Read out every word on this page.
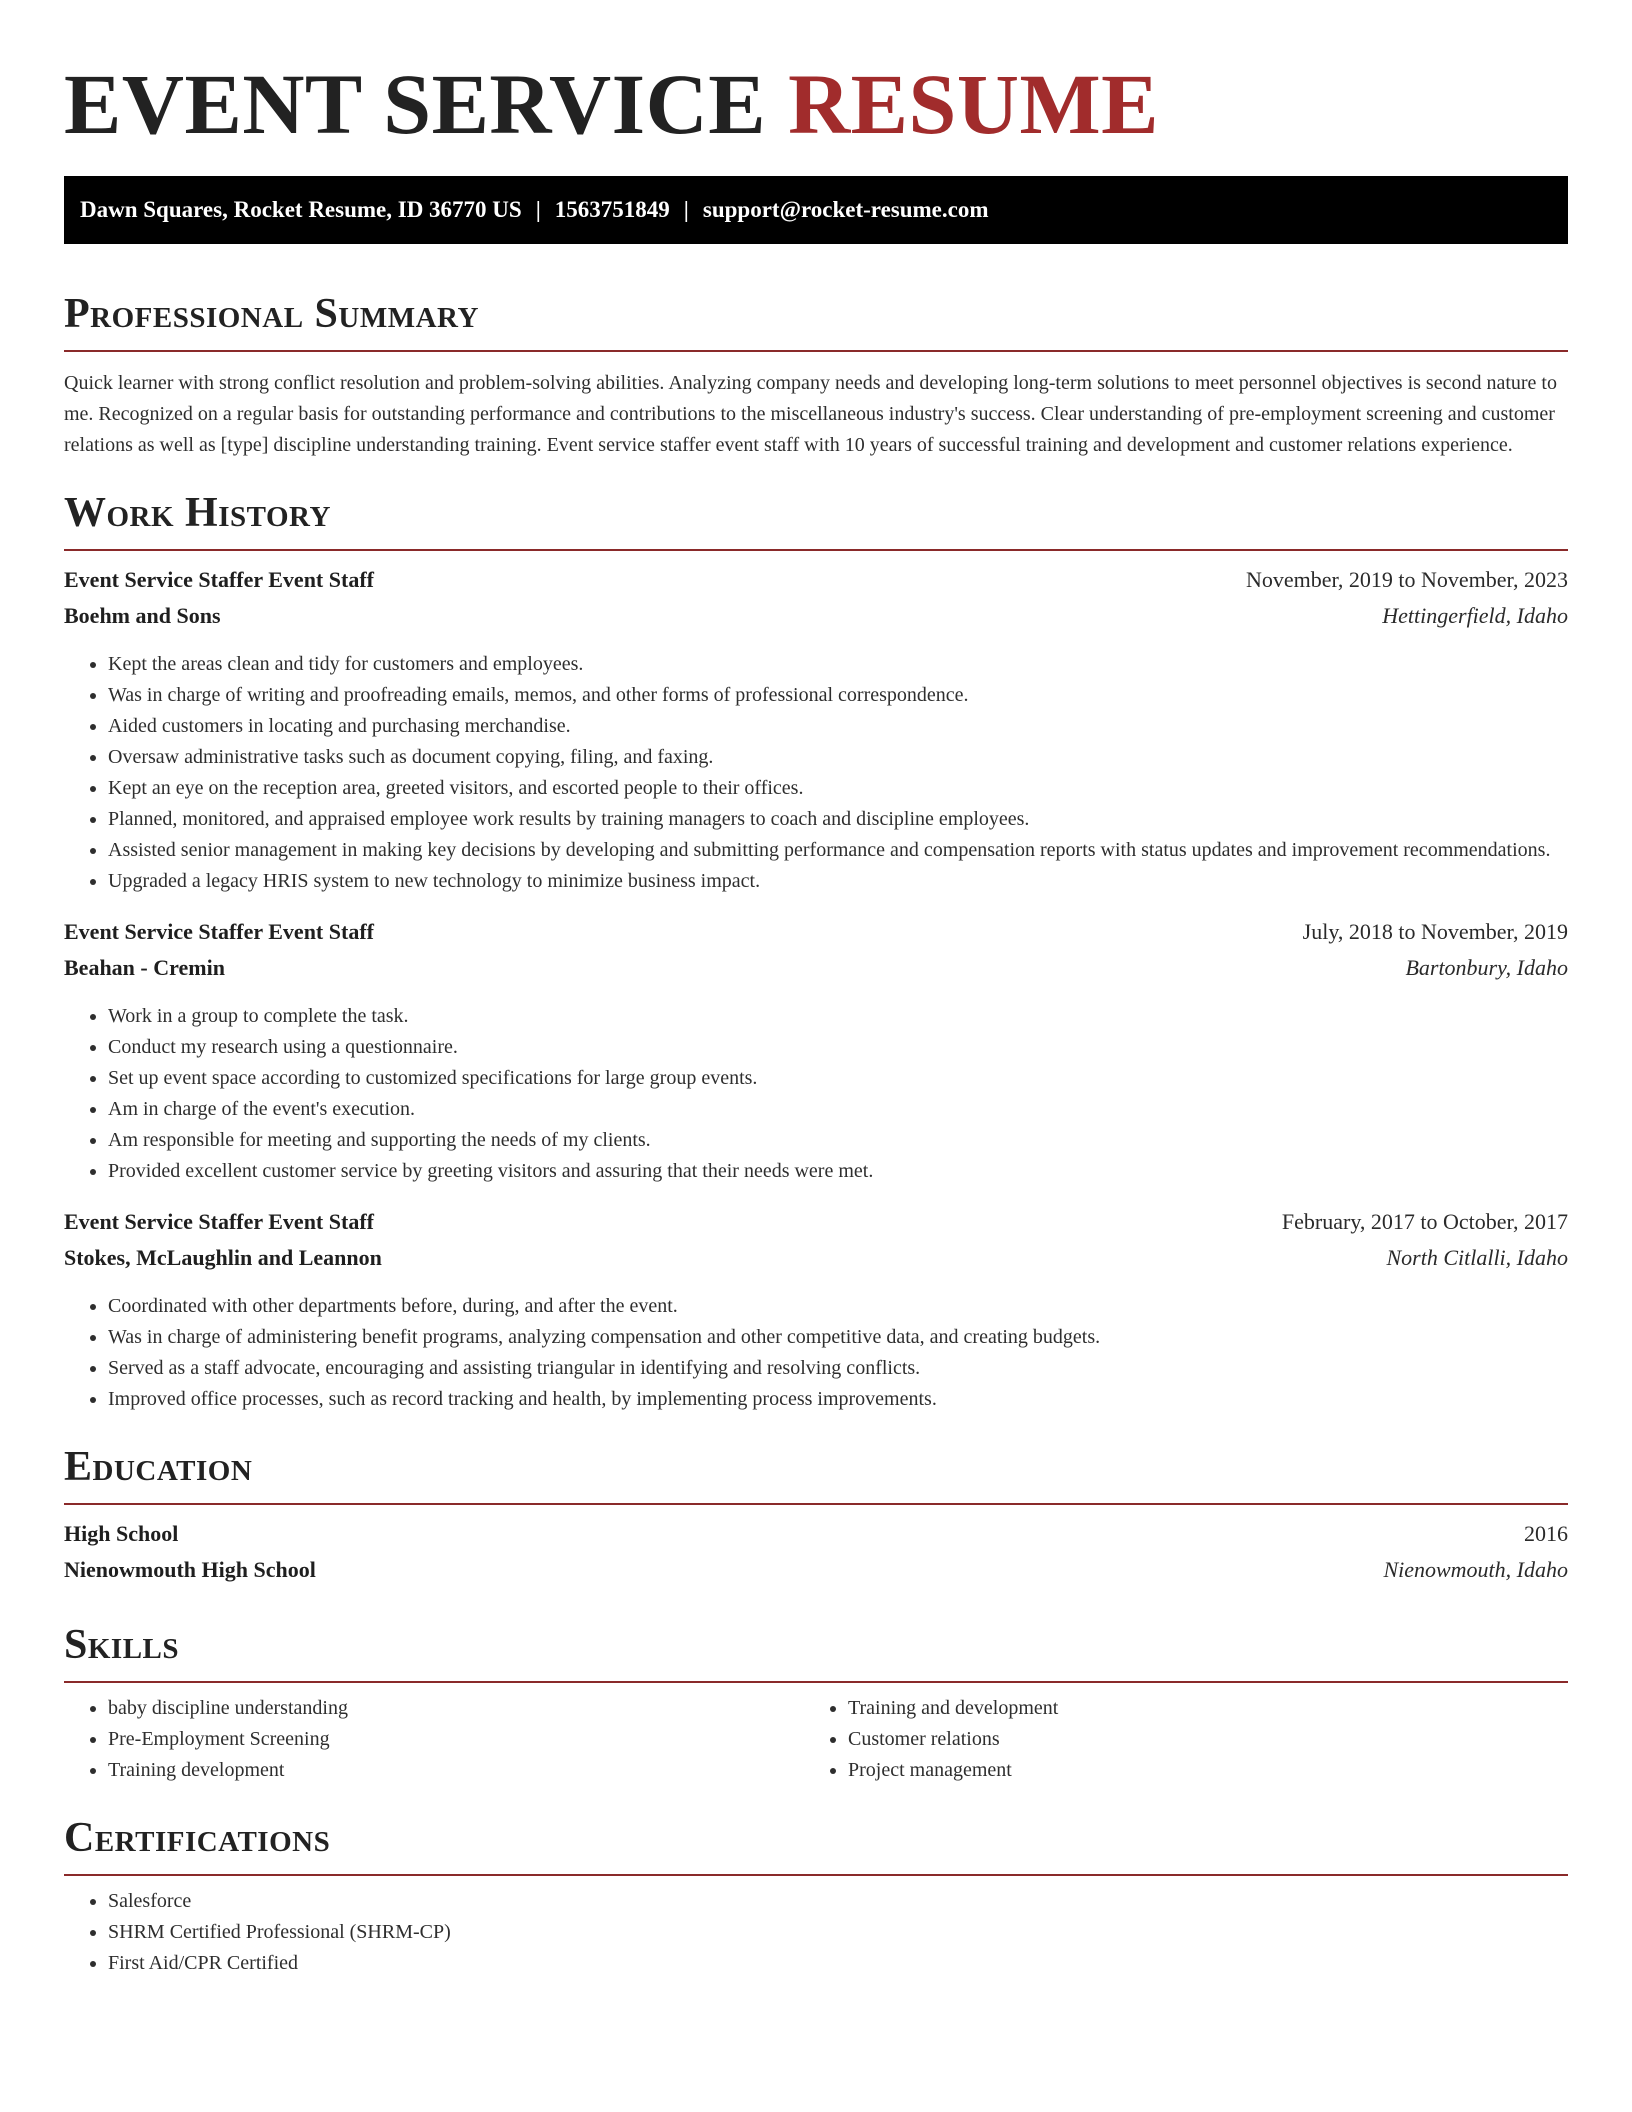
EVENT SERVICE RESUME
Dawn Squares, Rocket Resume, ID 36770 US | 1563751849 | support@rocket-resume.com
Professional Summary

Quick learner with strong conflict resolution and problem-solving abilities. Analyzing company needs and developing long-term solutions to meet personnel objectives is second nature to me. Recognized on a regular basis for outstanding performance and contributions to the miscellaneous industry's success. Clear understanding of pre-employment screening and customer relations as well as [type] discipline understanding training. Event service staffer event staff with 10 years of successful training and development and customer relations experience.

Work History
Event Service Staffer Event Staff	November, 2019 to November, 2023
Boehm and Sons	Hettingerfield, Idaho
• Kept the areas clean and tidy for customers and employees.
• Was in charge of writing and proofreading emails, memos, and other forms of professional correspondence.
• Aided customers in locating and purchasing merchandise.
• Oversaw administrative tasks such as document copying, filing, and faxing.
• Kept an eye on the reception area, greeted visitors, and escorted people to their offices.
• Planned, monitored, and appraised employee work results by training managers to coach and discipline employees.
• Assisted senior management in making key decisions by developing and submitting performance and compensation reports with status updates and improvement recommendations.
• Upgraded a legacy HRIS system to new technology to minimize business impact.
Event Service Staffer Event Staff	July, 2018 to November, 2019
Beahan - Cremin	Bartonbury, Idaho
• Work in a group to complete the task.
• Conduct my research using a questionnaire.
• Set up event space according to customized specifications for large group events.
• Am in charge of the event's execution.
• Am responsible for meeting and supporting the needs of my clients.
• Provided excellent customer service by greeting visitors and assuring that their needs were met.
Event Service Staffer Event Staff	February, 2017 to October, 2017
Stokes, McLaughlin and Leannon	North Citlalli, Idaho
• Coordinated with other departments before, during, and after the event.
• Was in charge of administering benefit programs, analyzing compensation and other competitive data, and creating budgets.
• Served as a staff advocate, encouraging and assisting triangular in identifying and resolving conflicts.
• Improved office processes, such as record tracking and health, by implementing process improvements.
Education
High School	2016
Nienowmouth High School	Nienowmouth, Idaho
Skills
• baby discipline understanding
• Pre-Employment Screening
• Training development
• Training and development
• Customer relations
• Project management
Certifications
• Salesforce
• SHRM Certified Professional (SHRM-CP)
• First Aid/CPR Certified
